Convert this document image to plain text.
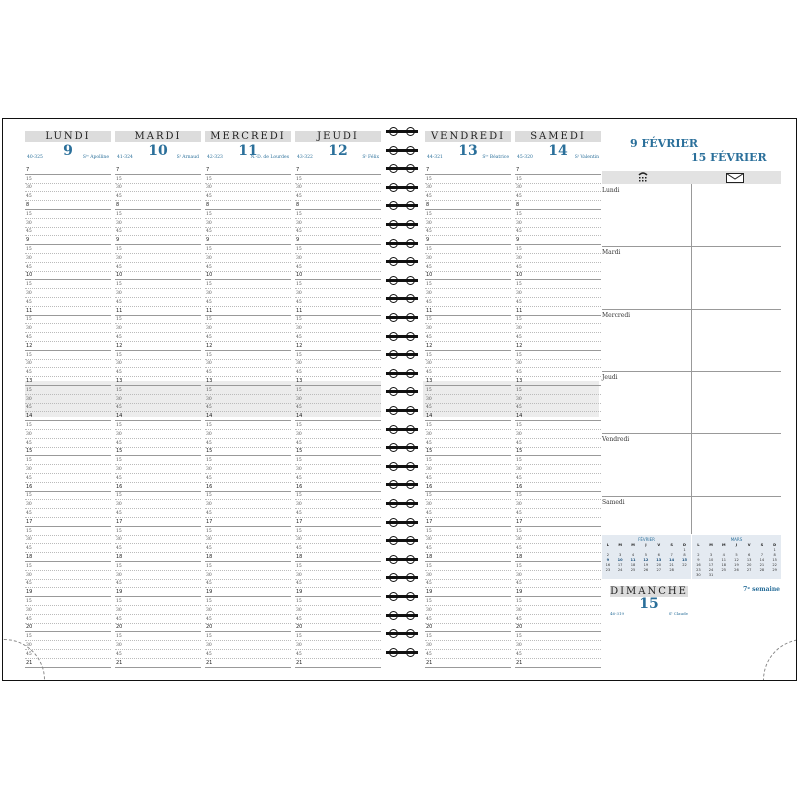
LUNDI
9
40-325	Sᵗᵉ Apolline
7
15
30
45
8
15
30
45
9
15
30
45
10
15
30
45
11
15
30
45
12
15
30
45
13
15
30
45
14
15
30
45
15
15
30
45
16
15
30
45
17
15
30
45
18
15
30
45
19
15
30
45
20
15
30
45
21
MARDI
10
41-324	Sᵗ Arnaud
7
15
30
45
8
15
30
45
9
15
30
45
10
15
30
45
11
15
30
45
12
15
30
45
13
15
30
45
14
15
30
45
15
15
30
45
16
15
30
45
17
15
30
45
18
15
30
45
19
15
30
45
20
15
30
45
21
MERCREDI
11
42-323	N.-D. de Lourdes
7
15
30
45
8
15
30
45
9
15
30
45
10
15
30
45
11
15
30
45
12
15
30
45
13
15
30
45
14
15
30
45
15
15
30
45
16
15
30
45
17
15
30
45
18
15
30
45
19
15
30
45
20
15
30
45
21
JEUDI
12
43-322	Sᵗ Félix
7
15
30
45
8
15
30
45
9
15
30
45
10
15
30
45
11
15
30
45
12
15
30
45
13
15
30
45
14
15
30
45
15
15
30
45
16
15
30
45
17
15
30
45
18
15
30
45
19
15
30
45
20
15
30
45
21
VENDREDI
13
44-321	Sᵗᵉ Béatrice
7
15
30
45
8
15
30
45
9
15
30
45
10
15
30
45
11
15
30
45
12
15
30
45
13
15
30
45
14
15
30
45
15
15
30
45
16
15
30
45
17
15
30
45
18
15
30
45
19
15
30
45
20
15
30
45
21
SAMEDI
14
45-320	Sᵗ Valentin
7
15
30
45
8
15
30
45
9
15
30
45
10
15
30
45
11
15
30
45
12
15
30
45
13
15
30
45
14
15
30
45
15
15
30
45
16
15
30
45
17
15
30
45
18
15
30
45
19
15
30
45
20
15
30
45
21
9 FÉVRIER
15 FÉVRIER
Lundi
Mardi
Mercredi
Jeudi
Vendredi
Samedi
FÉVRIER
L	M	M	J	V	S	D
						1
2	3	4	5	6	7	8
9	10	11	12	13	14	15
16	17	18	19	20	21	22
23	24	25	26	27	28	
MARS
L	M	M	J	V	S	D
						1
2	3	4	5	6	7	8
9	10	11	12	13	14	15
16	17	18	19	20	21	22
23	24	25	26	27	28	29
30	31					
DIMANCHE
15
46-319	Sᵗ Claude
7ᵉ semaine
